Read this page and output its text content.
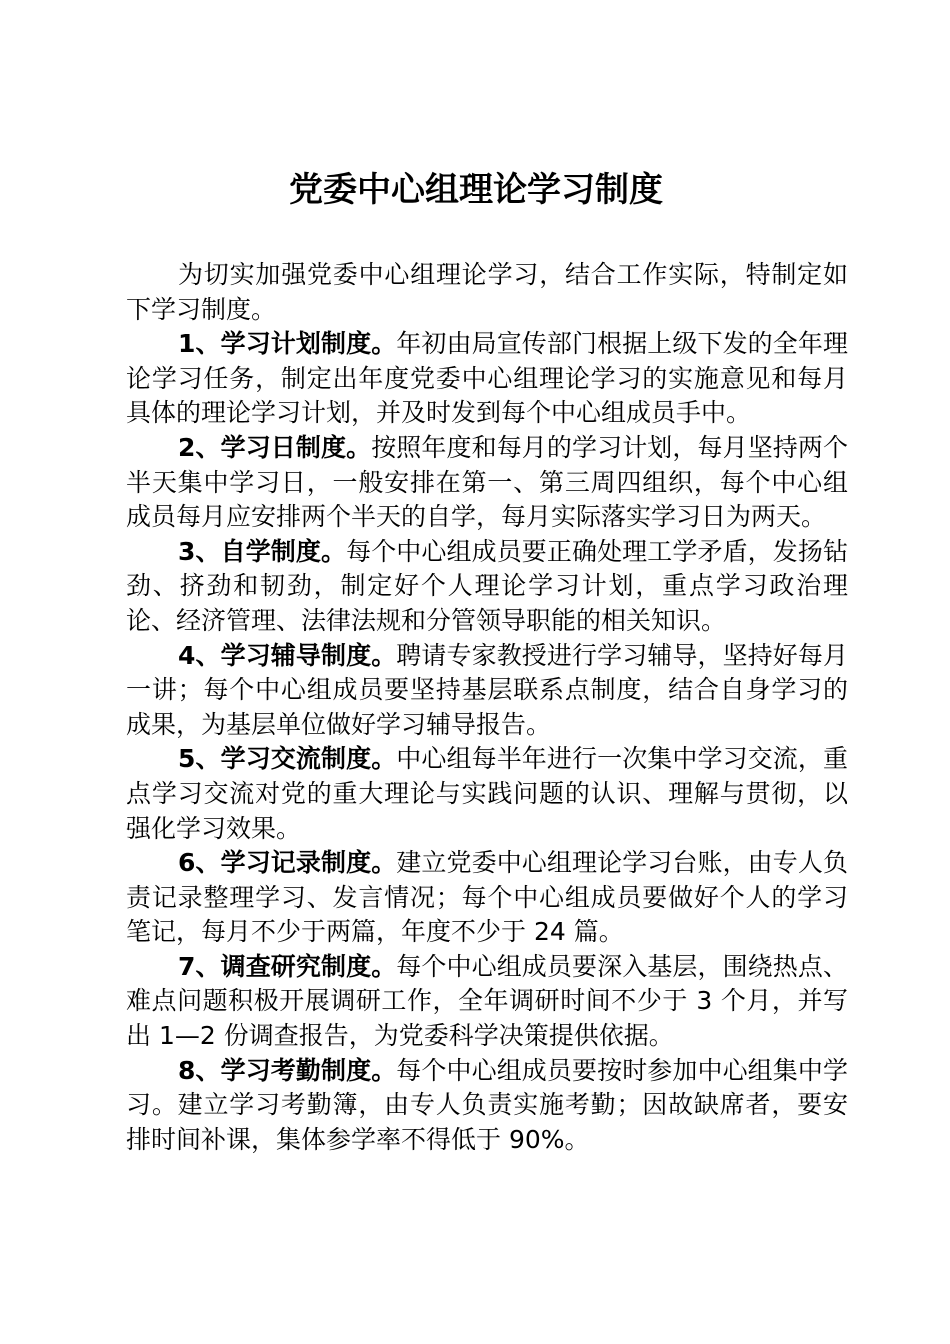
党委中心组理论学习制度

为切实加强党委中心组理论学习，结合工作实际，特制定如下学习制度。

1、学习计划制度。年初由局宣传部门根据上级下发的全年理论学习任务，制定出年度党委中心组理论学习的实施意见和每月具体的理论学习计划，并及时发到每个中心组成员手中。

2、学习日制度。按照年度和每月的学习计划，每月坚持两个半天集中学习日，一般安排在第一、第三周四组织，每个中心组成员每月应安排两个半天的自学，每月实际落实学习日为两天。

3、自学制度。每个中心组成员要正确处理工学矛盾，发扬钻劲、挤劲和韧劲，制定好个人理论学习计划，重点学习政治理论、经济管理、法律法规和分管领导职能的相关知识。

4、学习辅导制度。聘请专家教授进行学习辅导，坚持好每月一讲；每个中心组成员要坚持基层联系点制度，结合自身学习的成果，为基层单位做好学习辅导报告。

5、学习交流制度。中心组每半年进行一次集中学习交流，重点学习交流对党的重大理论与实践问题的认识、理解与贯彻，以强化学习效果。

6、学习记录制度。建立党委中心组理论学习台账，由专人负责记录整理学习、发言情况；每个中心组成员要做好个人的学习笔记，每月不少于两篇，年度不少于 24 篇。

7、调查研究制度。每个中心组成员要深入基层，围绕热点、难点问题积极开展调研工作，全年调研时间不少于 3 个月，并写出 1—2 份调查报告，为党委科学决策提供依据。

8、学习考勤制度。每个中心组成员要按时参加中心组集中学习。建立学习考勤簿，由专人负责实施考勤；因故缺席者，要安排时间补课，集体参学率不得低于 90%。
